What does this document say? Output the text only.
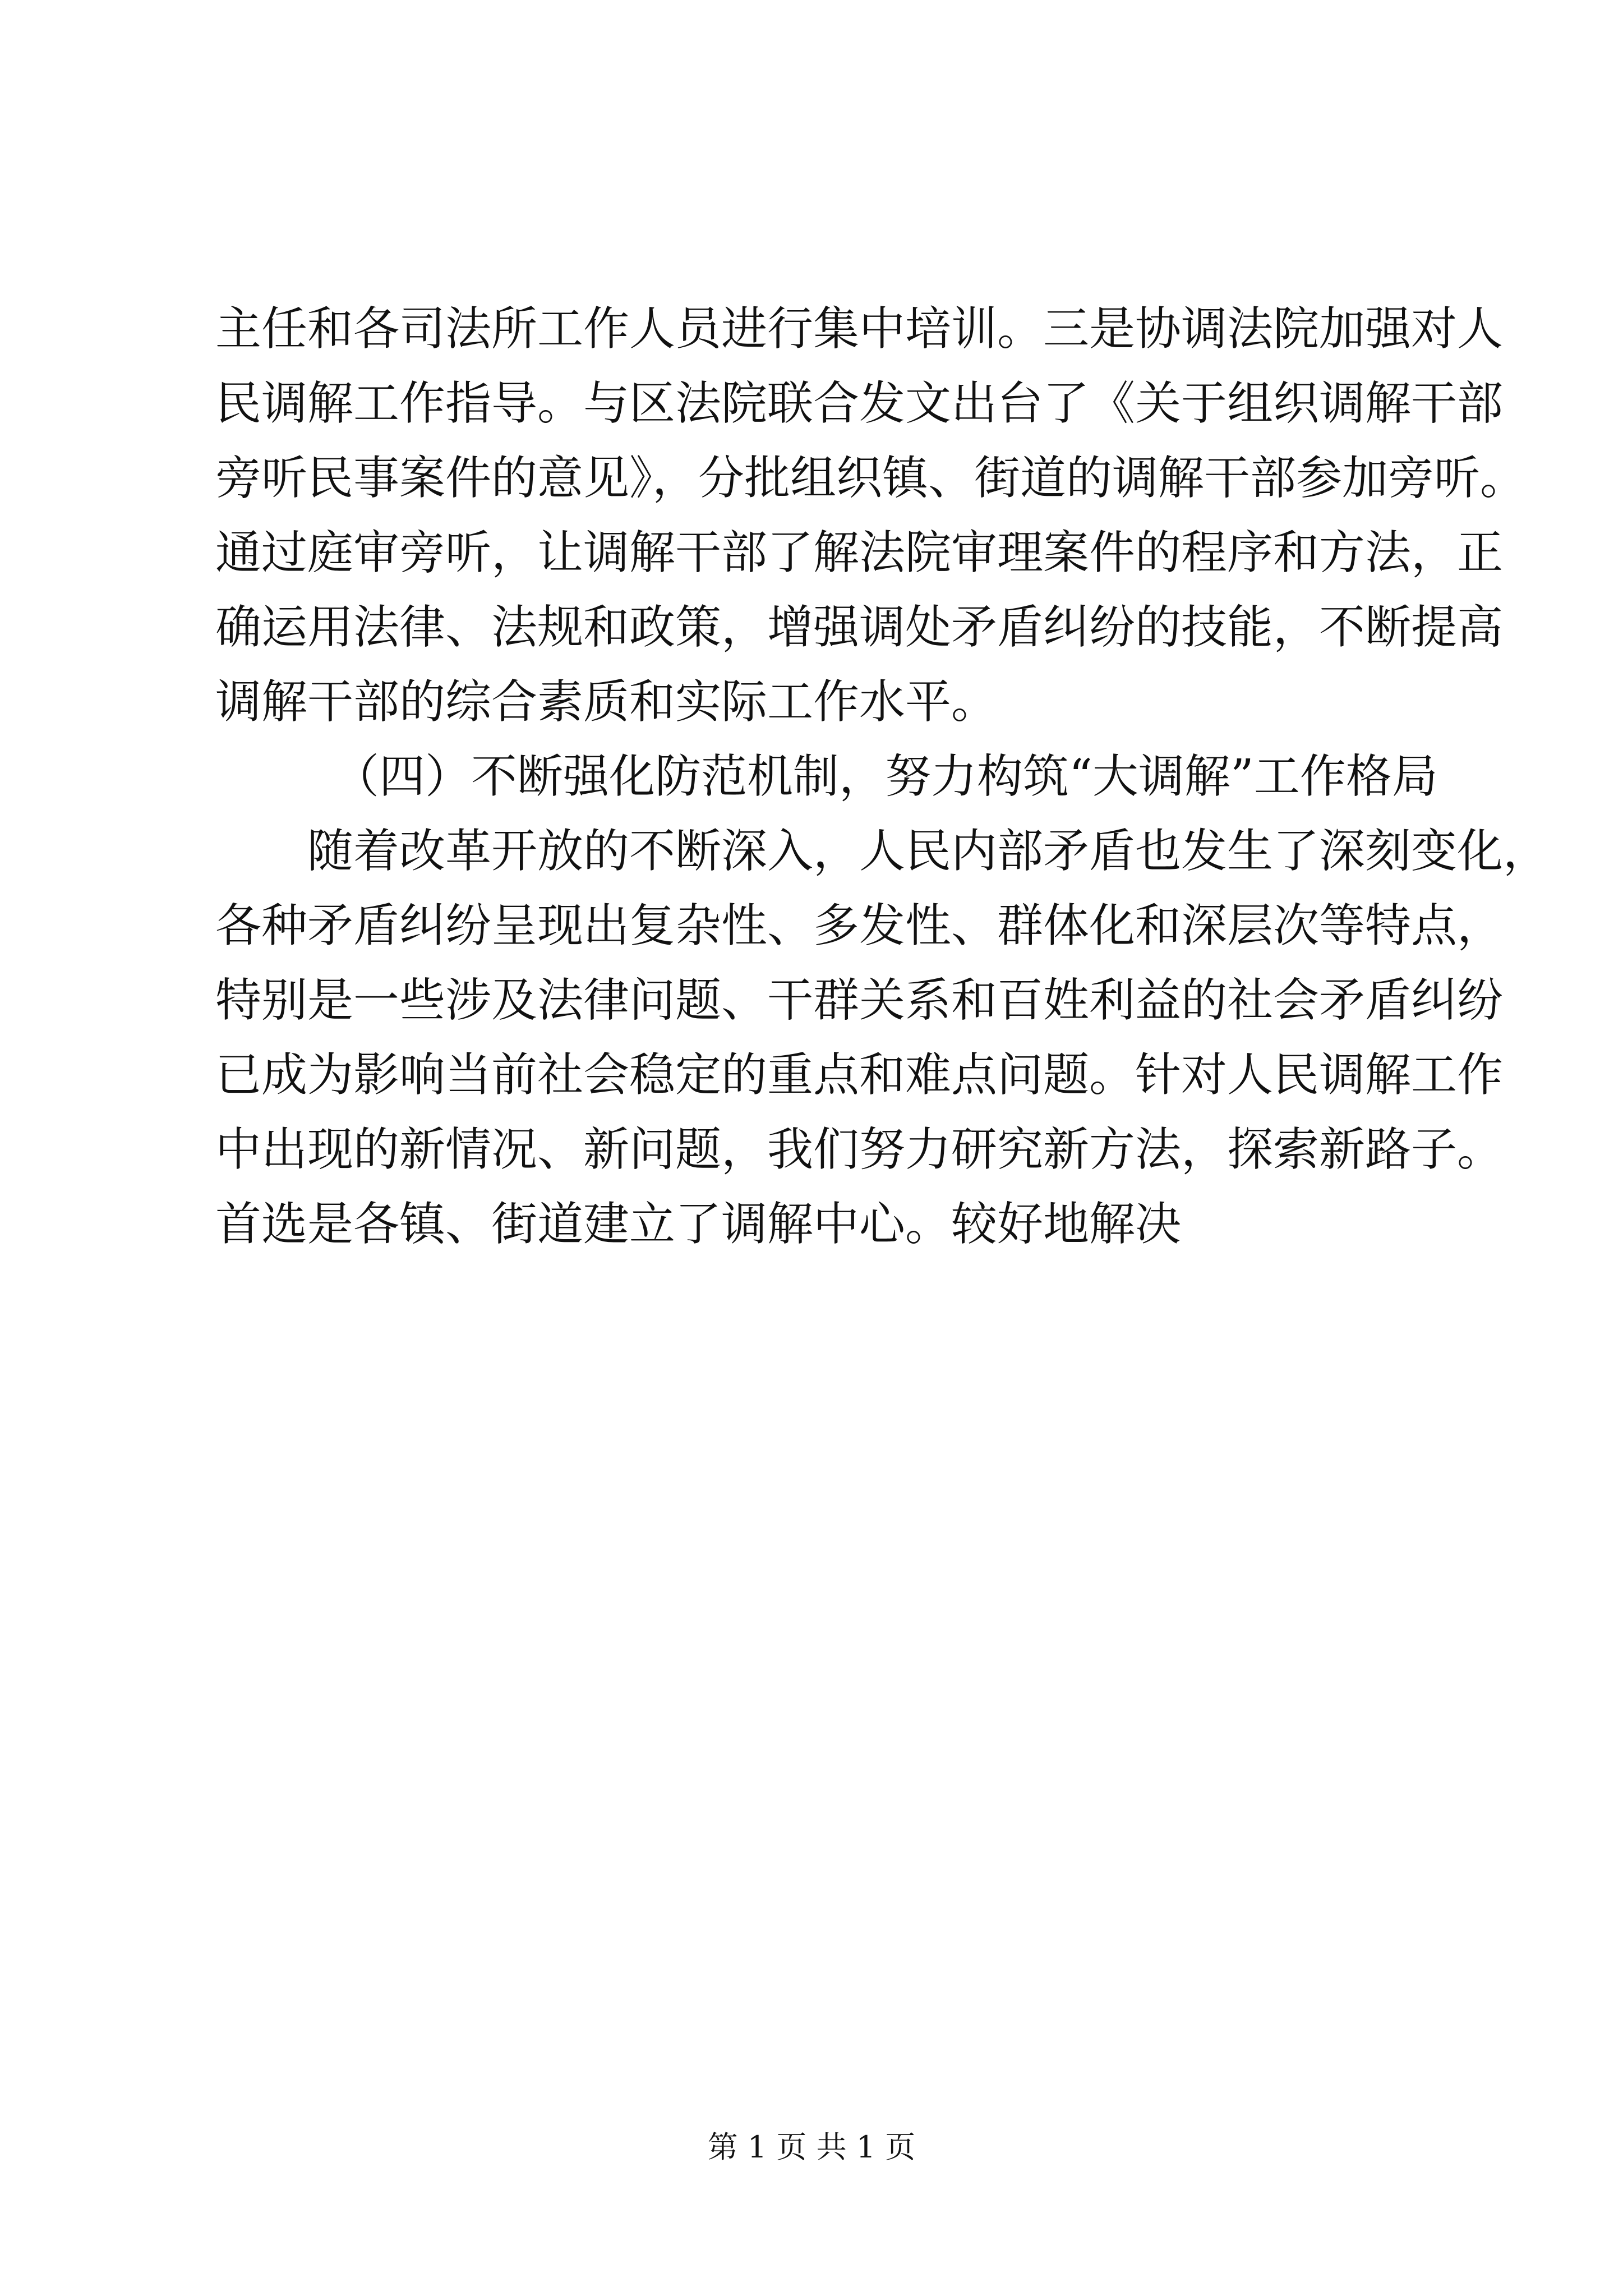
主任和各司法所工作人员进行集中培训。三是协调法院加强对人
民调解工作指导。与区法院联合发文出台了《关于组织调解干部
旁听民事案件的意见》，分批组织镇、街道的调解干部参加旁听。
通过庭审旁听，让调解干部了解法院审理案件的程序和方法，正
确运用法律、法规和政策，增强调处矛盾纠纷的技能，不断提高
调解干部的综合素质和实际工作水平。
（四）不断强化防范机制，努力构筑“大调解”工作格局
随着改革开放的不断深入，人民内部矛盾也发生了深刻变化，
各种矛盾纠纷呈现出复杂性、多发性、群体化和深层次等特点，
特别是一些涉及法律问题、干群关系和百姓利益的社会矛盾纠纷
已成为影响当前社会稳定的重点和难点问题。针对人民调解工作
中出现的新情况、新问题，我们努力研究新方法，探索新路子。
首选是各镇、街道建立了调解中心。较好地解决
第 1 页 共 1 页
